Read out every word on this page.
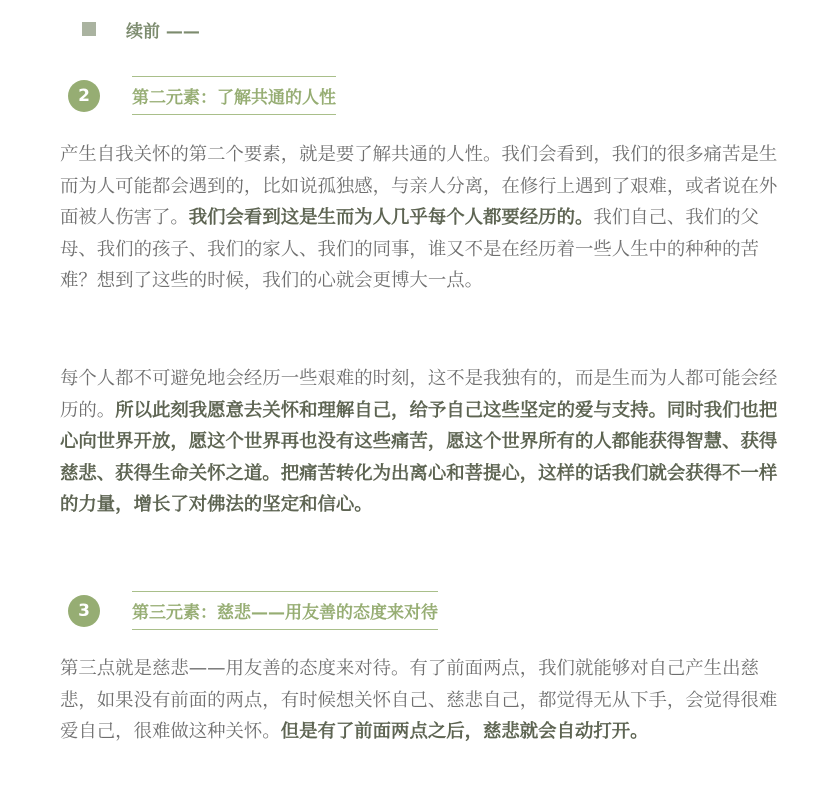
续前 ——
2	第二元素：了解共通的人性

产生自我关怀的第二个要素，就是要了解共通的人性。我们会看到，我们的很多痛苦是生而为人可能都会遇到的，比如说孤独感，与亲人分离，在修行上遇到了艰难，或者说在外面被人伤害了。我们会看到这是生而为人几乎每个人都要经历的。我们自己、我们的父母、我们的孩子、我们的家人、我们的同事，谁又不是在经历着一些人生中的种种的苦难？想到了这些的时候，我们的心就会更博大一点。

每个人都不可避免地会经历一些艰难的时刻，这不是我独有的，而是生而为人都可能会经历的。所以此刻我愿意去关怀和理解自己，给予自己这些坚定的爱与支持。同时我们也把心向世界开放，愿这个世界再也没有这些痛苦，愿这个世界所有的人都能获得智慧、获得慈悲、获得生命关怀之道。把痛苦转化为出离心和菩提心，这样的话我们就会获得不一样的力量，增长了对佛法的坚定和信心。

3	第三元素：慈悲——用友善的态度来对待

第三点就是慈悲——用友善的态度来对待。有了前面两点，我们就能够对自己产生出慈悲，如果没有前面的两点，有时候想关怀自己、慈悲自己，都觉得无从下手，会觉得很难爱自己，很难做这种关怀。但是有了前面两点之后，慈悲就会自动打开。
